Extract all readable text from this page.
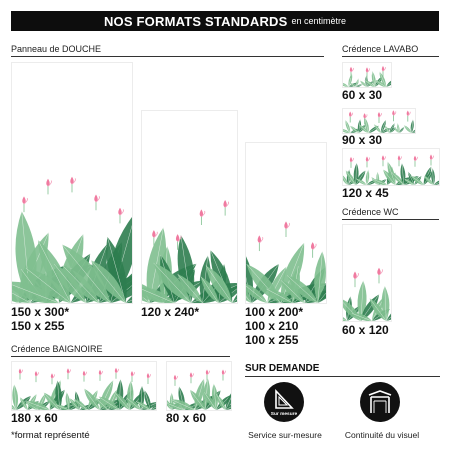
NOS FORMATS STANDARDS en centimètre
Panneau de DOUCHE
150 x 300*
150 x 255
120 x 240*	100 x 200*
100 x 210
100 x 255
Crédence LAVABO
60 x 30
90 x 30
120 x 45
Crédence WC
60 x 120
Crédence BAIGNOIRE
180 x 60	80 x 60
*format représenté
SUR DEMANDE
Sur mesure
Service sur-mesure	Continuité du visuel
